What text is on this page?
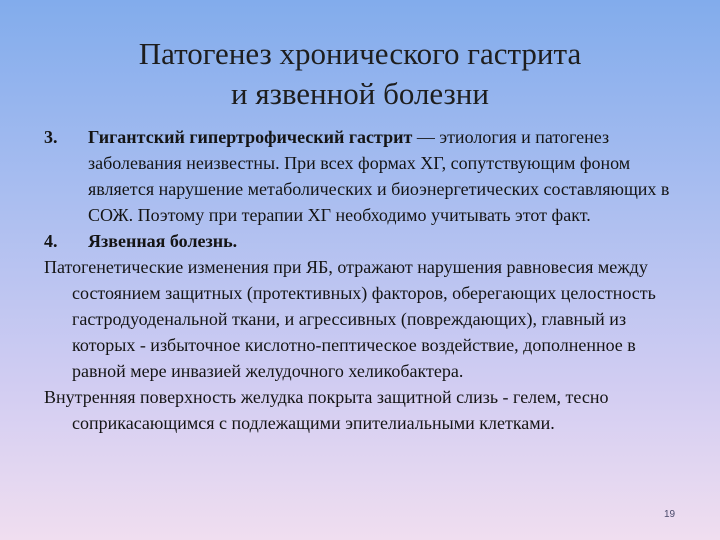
Патогенез хронического гастрита
и язвенной болезни
3.	Гигантский гипертрофический гастрит — этиология и патогенез заболевания неизвестны. При всех формах ХГ, сопутствующим фоном является нарушение метаболических и биоэнергетических составляющих в СОЖ. Поэтому при терапии ХГ необходимо учитывать этот факт.
4.	Язвенная болезнь.
Патогенетические изменения при ЯБ, отражают нарушения равновесия между состоянием защитных (протективных) факторов, оберегающих целостность гастродуоденальной ткани, и агрессивных (повреждающих), главный из которых - избыточное кислотно-пептическое воздействие, дополненное в равной мере инвазией желудочного хеликобактера.
Внутренняя поверхность желудка покрыта защитной слизь - гелем, тесно соприкасающимся с подлежащими эпителиальными клетками.
19
